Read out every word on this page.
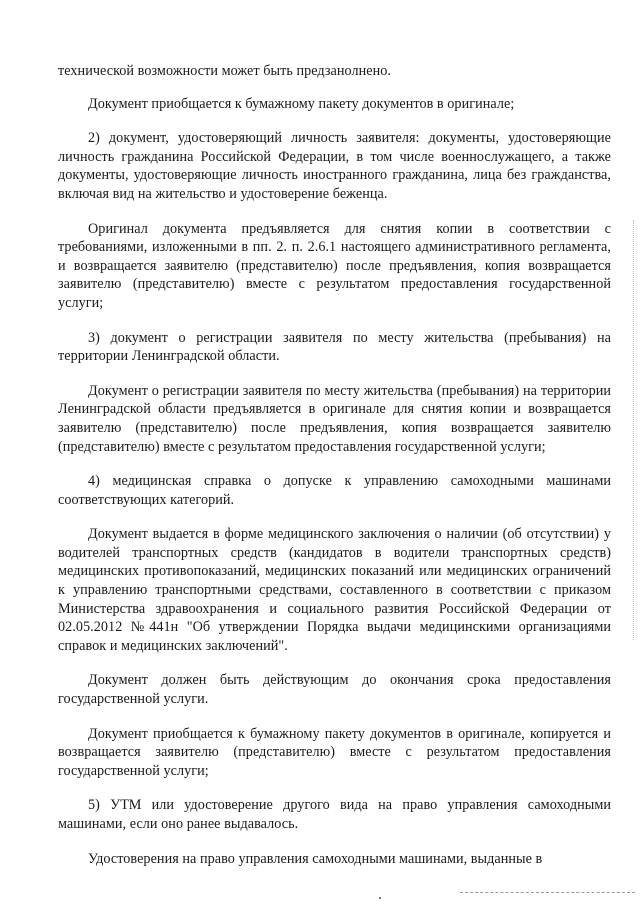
технической возможности может быть предзанолнено.

Документ приобщается к бумажному пакету документов в оригинале;

2) документ, удостоверяющий личность заявителя: документы, удостоверяющие личность гражданина Российской Федерации, в том числе военнослужащего, а также документы, удостоверяющие личность иностранного гражданина, лица без гражданства, включая вид на жительство и удостоверение беженца.

Оригинал документа предъявляется для снятия копии в соответствии с требованиями, изложенными в пп. 2. п. 2.6.1 настоящего административного регламента, и возвращается заявителю (представителю) после предъявления, копия возвращается заявителю (представителю) вместе с результатом предоставления государственной услуги;

3) документ о регистрации заявителя по месту жительства (пребывания) на территории Ленинградской области.

Документ о регистрации заявителя по месту жительства (пребывания) на территории Ленинградской области предъявляется в оригинале для снятия копии и возвращается заявителю (представителю) после предъявления, копия возвращается заявителю (представителю) вместе с результатом предоставления государственной услуги;

4) медицинская справка о допуске к управлению самоходными машинами соответствующих категорий.

Документ выдается в форме медицинского заключения о наличии (об отсутствии) у водителей транспортных средств (кандидатов в водители транспортных средств) медицинских противопоказаний, медицинских показаний или медицинских ограничений к управлению транспортными средствами, составленного в соответствии с приказом Министерства здравоохранения и социального развития Российской Федерации от 02.05.2012 №441н "Об утверждении Порядка выдачи медицинскими организациями справок и медицинских заключений".

Документ должен быть действующим до окончания срока предоставления государственной услуги.

Документ приобщается к бумажному пакету документов в оригинале, копируется и возвращается заявителю (представителю) вместе с результатом предоставления государственной услуги;

5) УТМ или удостоверение другого вида на право управления самоходными машинами, если оно ранее выдавалось.

Удостоверения на право управления самоходными машинами, выданные в
